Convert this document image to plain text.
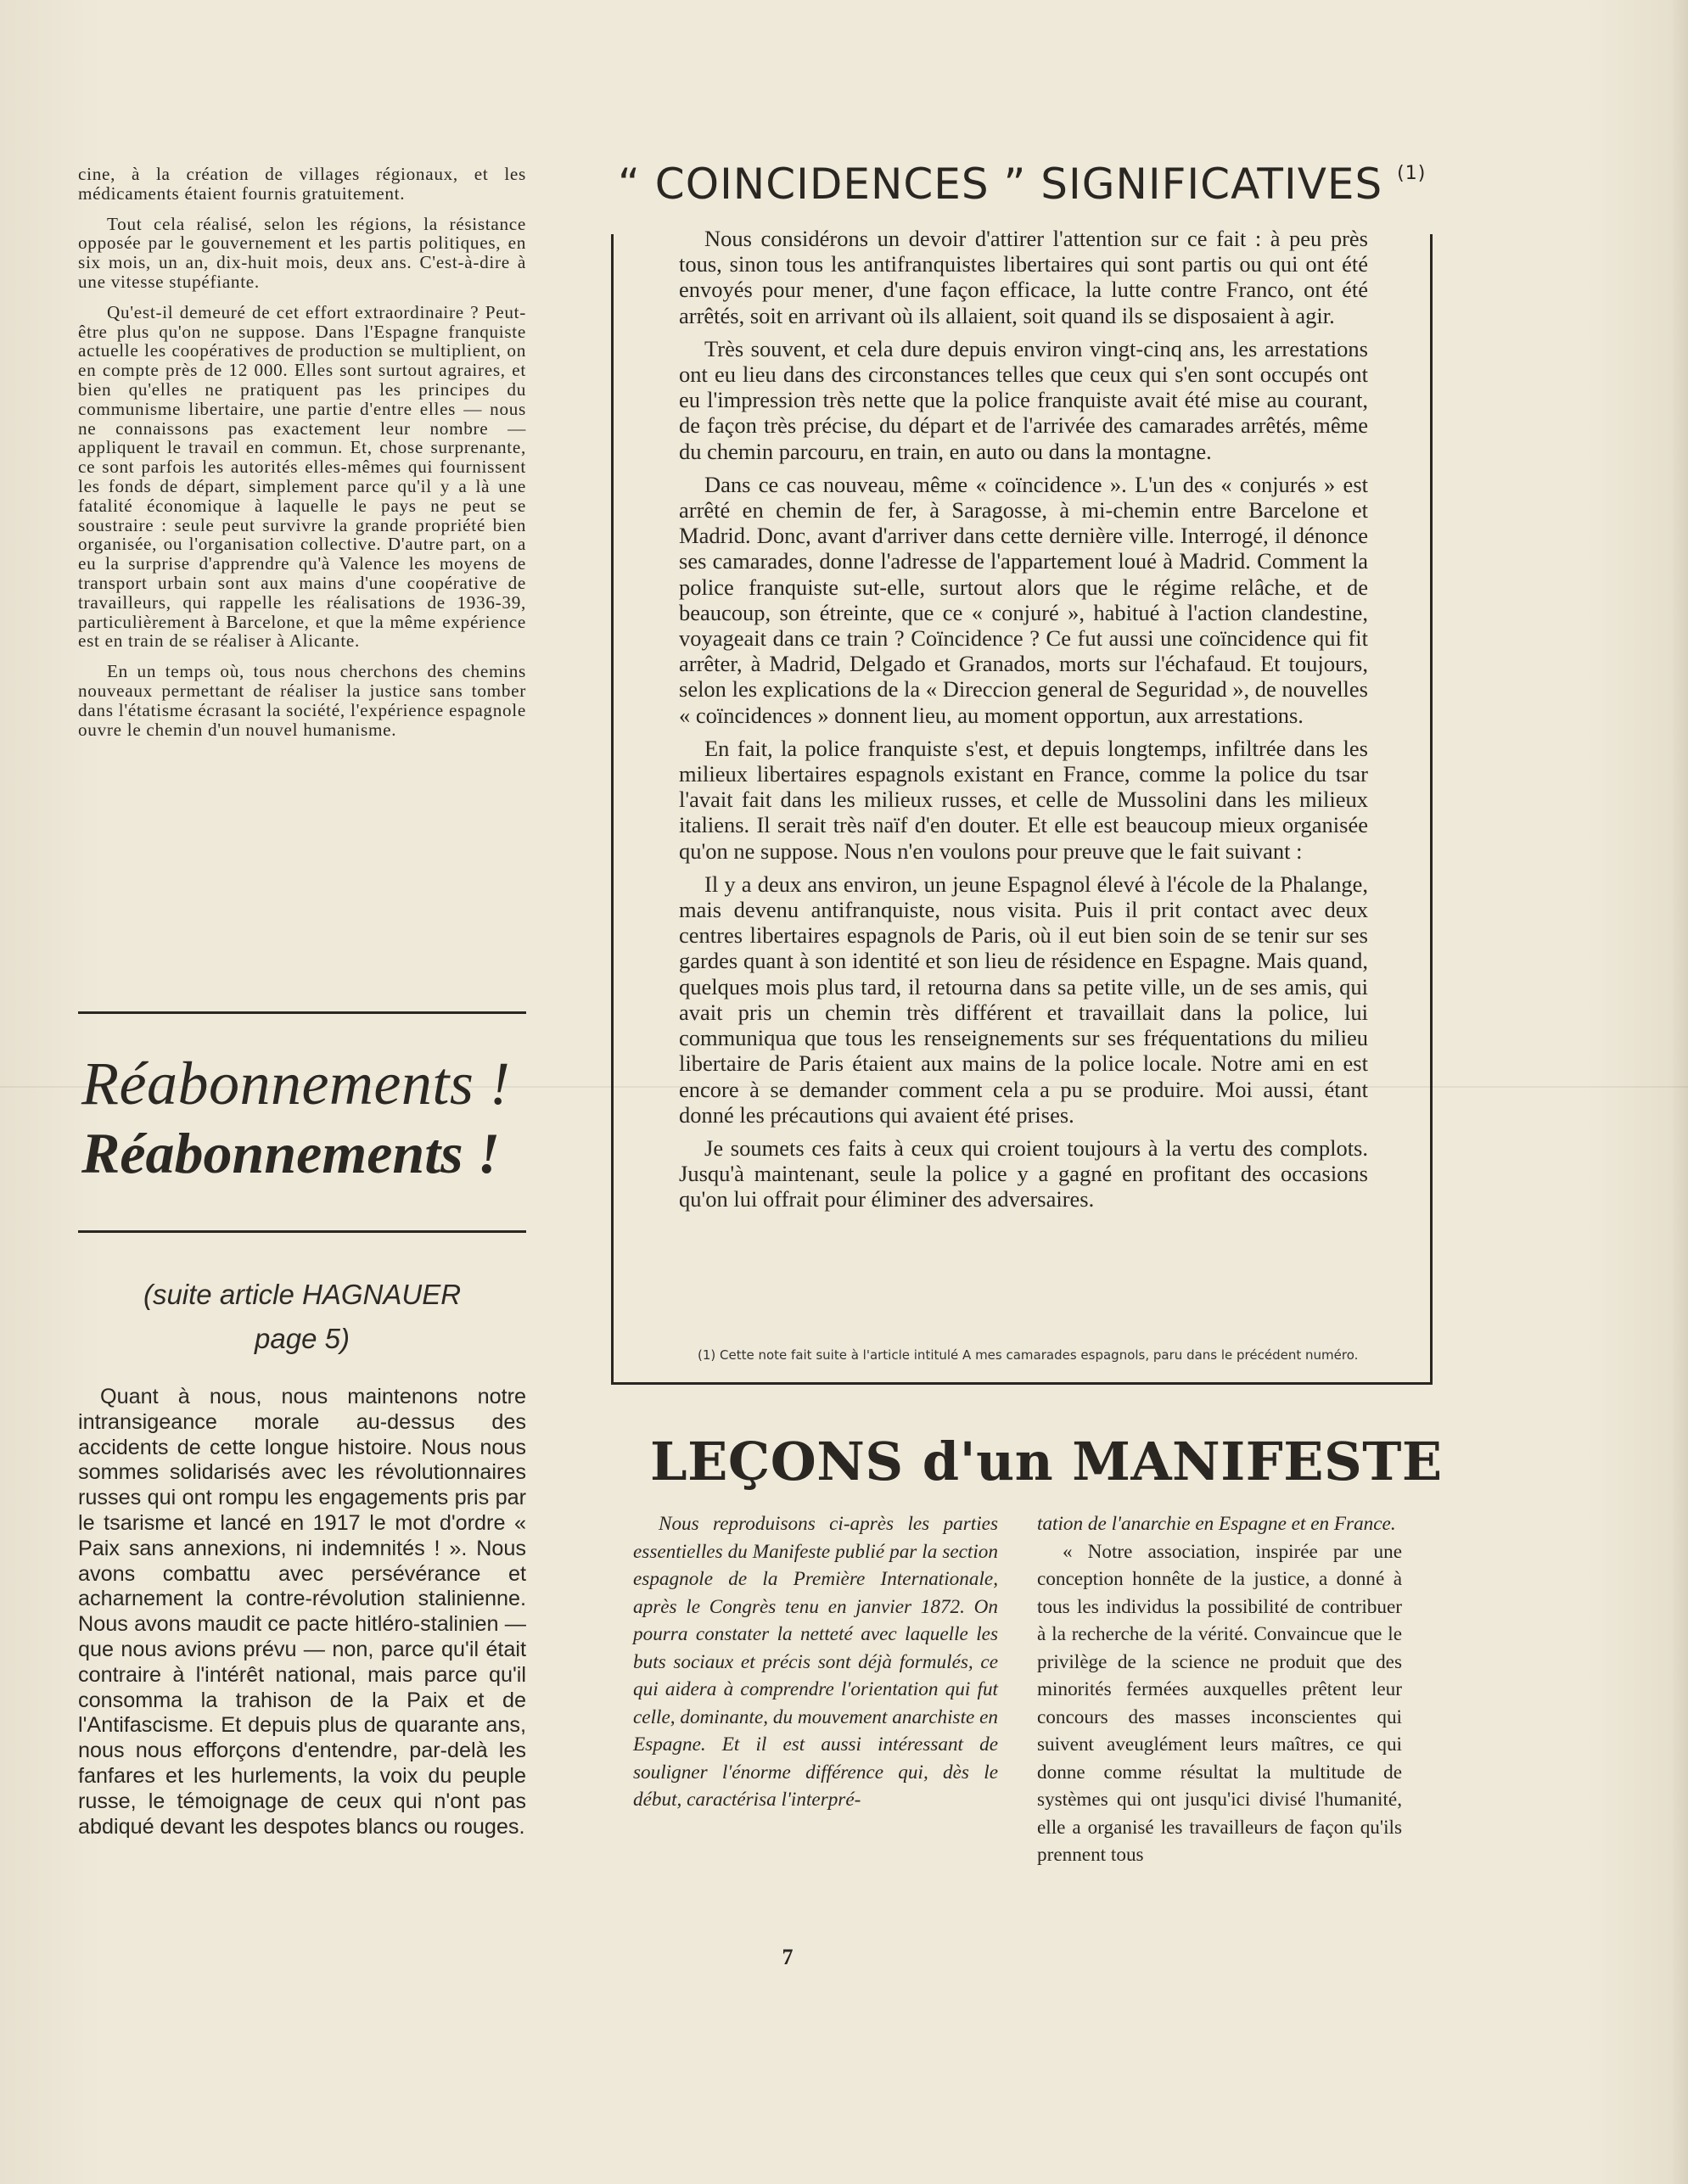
cine, à la création de villages régionaux, et les médicaments étaient fournis gratuitement.

Tout cela réalisé, selon les régions, la résistance opposée par le gouvernement et les partis politiques, en six mois, un an, dix-huit mois, deux ans. C'est-à-dire à une vitesse stupéfiante.

Qu'est-il demeuré de cet effort extraordinaire ? Peut-être plus qu'on ne suppose. Dans l'Espagne franquiste actuelle les coopératives de production se multiplient, on en compte près de 12 000. Elles sont surtout agraires, et bien qu'elles ne pratiquent pas les principes du communisme libertaire, une partie d'entre elles — nous ne connaissons pas exactement leur nombre — appliquent le travail en commun. Et, chose surprenante, ce sont parfois les autorités elles-mêmes qui fournissent les fonds de départ, simplement parce qu'il y a là une fatalité économique à laquelle le pays ne peut se soustraire : seule peut survivre la grande propriété bien organisée, ou l'organisation collective. D'autre part, on a eu la surprise d'apprendre qu'à Valence les moyens de transport urbain sont aux mains d'une coopérative de travailleurs, qui rappelle les réalisations de 1936-39, particulièrement à Barcelone, et que la même expérience est en train de se réaliser à Alicante.

En un temps où, tous nous cherchons des chemins nouveaux permettant de réaliser la justice sans tomber dans l'étatisme écrasant la société, l'expérience espagnole ouvre le chemin d'un nouvel humanisme.

Réabonnements !
Réabonnements !
(suite article HAGNAUER
page 5)

Quant à nous, nous maintenons notre intransigeance morale au-dessus des accidents de cette longue histoire. Nous nous sommes solidarisés avec les révolutionnaires russes qui ont rompu les engagements pris par le tsarisme et lancé en 1917 le mot d'ordre « Paix sans annexions, ni indemnités ! ». Nous avons combattu avec persévérance et acharnement la contre-révolution stalinienne. Nous avons maudit ce pacte hitléro-stalinien — que nous avions prévu — non, parce qu'il était contraire à l'intérêt national, mais parce qu'il consomma la trahison de la Paix et de l'Antifascisme. Et depuis plus de quarante ans, nous nous efforçons d'entendre, par-delà les fanfares et les hurlements, la voix du peuple russe, le témoignage de ceux qui n'ont pas abdiqué devant les despotes blancs ou rouges.

“ COINCIDENCES ” SIGNIFICATIVES $^{(1)}$

Nous considérons un devoir d'attirer l'attention sur ce fait : à peu près tous, sinon tous les antifranquistes libertaires qui sont partis ou qui ont été envoyés pour mener, d'une façon efficace, la lutte contre Franco, ont été arrêtés, soit en arrivant où ils allaient, soit quand ils se disposaient à agir.

Très souvent, et cela dure depuis environ vingt-cinq ans, les arrestations ont eu lieu dans des circonstances telles que ceux qui s'en sont occupés ont eu l'impression très nette que la police franquiste avait été mise au courant, de façon très précise, du départ et de l'arrivée des camarades arrêtés, même du chemin parcouru, en train, en auto ou dans la montagne.

Dans ce cas nouveau, même « coïncidence ». L'un des « conjurés » est arrêté en chemin de fer, à Saragosse, à mi-chemin entre Barcelone et Madrid. Donc, avant d'arriver dans cette dernière ville. Interrogé, il dénonce ses camarades, donne l'adresse de l'appartement loué à Madrid. Comment la police franquiste sut-elle, surtout alors que le régime relâche, et de beaucoup, son étreinte, que ce « conjuré », habitué à l'action clandestine, voyageait dans ce train ? Coïncidence ? Ce fut aussi une coïncidence qui fit arrêter, à Madrid, Delgado et Granados, morts sur l'échafaud. Et toujours, selon les explications de la « Direccion general de Seguridad », de nouvelles « coïncidences » donnent lieu, au moment opportun, aux arrestations.

En fait, la police franquiste s'est, et depuis longtemps, infiltrée dans les milieux libertaires espagnols existant en France, comme la police du tsar l'avait fait dans les milieux russes, et celle de Mussolini dans les milieux italiens. Il serait très naïf d'en douter. Et elle est beaucoup mieux organisée qu'on ne suppose. Nous n'en voulons pour preuve que le fait suivant :

Il y a deux ans environ, un jeune Espagnol élevé à l'école de la Phalange, mais devenu antifranquiste, nous visita. Puis il prit contact avec deux centres libertaires espagnols de Paris, où il eut bien soin de se tenir sur ses gardes quant à son identité et son lieu de résidence en Espagne. Mais quand, quelques mois plus tard, il retourna dans sa petite ville, un de ses amis, qui avait pris un chemin très différent et travaillait dans la police, lui communiqua que tous les renseignements sur ses fréquentations du milieu libertaire de Paris étaient aux mains de la police locale. Notre ami en est encore à se demander comment cela a pu se produire. Moi aussi, étant donné les précautions qui avaient été prises.

Je soumets ces faits à ceux qui croient toujours à la vertu des complots. Jusqu'à maintenant, seule la police y a gagné en profitant des occasions qu'on lui offrait pour éliminer des adversaires.

(1) Cette note fait suite à l'article intitulé A mes camarades espagnols, paru dans le précédent numéro.

LEÇONS d'un MANIFESTE

Nous reproduisons ci-après les parties essentielles du Manifeste publié par la section espagnole de la Première Internationale, après le Congrès tenu en janvier 1872. On pourra constater la netteté avec laquelle les buts sociaux et précis sont déjà formulés, ce qui aidera à comprendre l'orientation qui fut celle, dominante, du mouvement anarchiste en Espagne. Et il est aussi intéressant de souligner l'énorme différence qui, dès le début, caractérisa l'interpré-

tation de l'anarchie en Espagne et en France.

« Notre association, inspirée par une conception honnête de la justice, a donné à tous les individus la possibilité de contribuer à la recherche de la vérité. Convaincue que le privilège de la science ne produit que des minorités fermées auxquelles prêtent leur concours des masses inconscientes qui suivent aveuglément leurs maîtres, ce qui donne comme résultat la multitude de systèmes qui ont jusqu'ici divisé l'humanité, elle a organisé les travailleurs de façon qu'ils prennent tous

7
